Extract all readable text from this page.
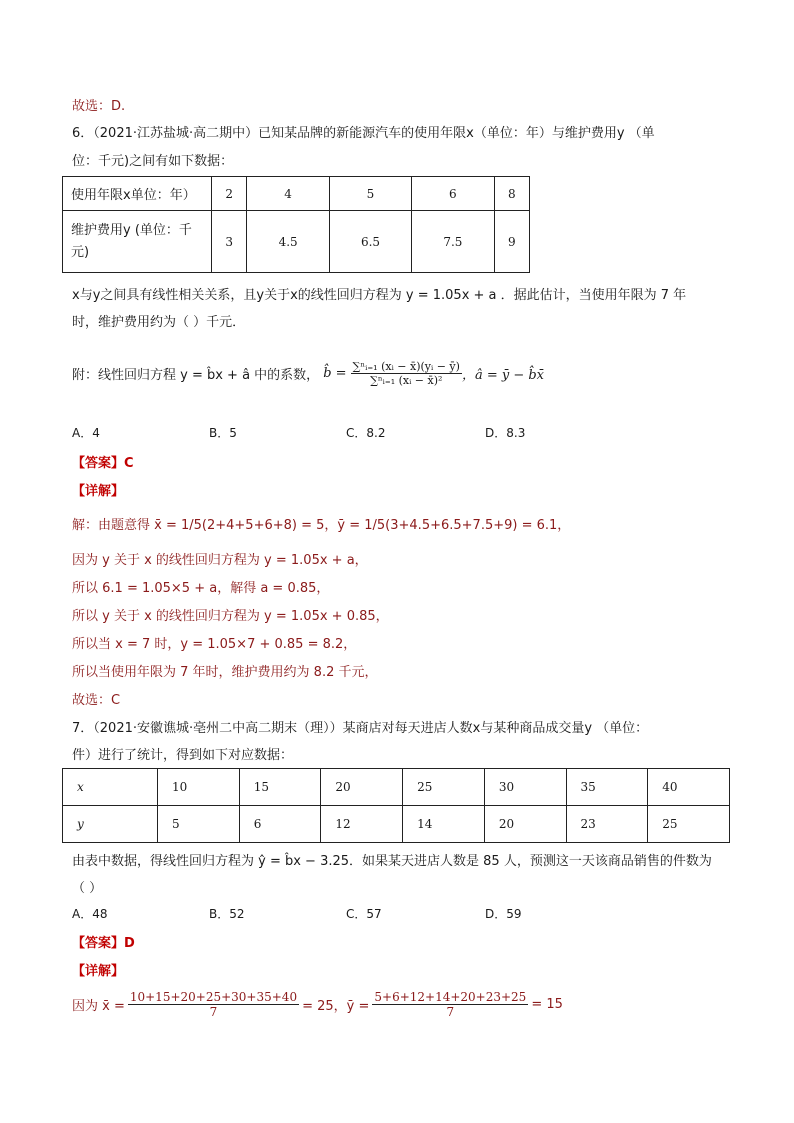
故选：D.
6．（2021·江苏盐城·高二期中）已知某品牌的新能源汽车的使用年限x（单位：年）与维护费用y （单
位：千元)之间有如下数据：
使用年限x单位：年）	2	4	5	6	8
维护费用y (单位：千
元)	3	4.5	6.5	7.5	9
x与y之间具有线性相关关系，且y关于x的线性回归方程为 y = 1.05x + a ．据此估计，当使用年限为 7 年
时，维护费用约为（ ）千元．
附：线性回归方程 y = b̂x + â 中的系数， b̂ = $\frac{\text{∑ⁿᵢ₌₁ (xᵢ − x̄)(yᵢ − ȳ)}}{\text{∑ⁿᵢ₌₁ (xᵢ − x̄)²}}$ ，â = ȳ − b̂x̄
A．4	B．5	C．8.2	D．8.3
【答案】C
【详解】
解：由题意得 x̄ = 1/5(2+4+5+6+8) = 5，ȳ = 1/5(3+4.5+6.5+7.5+9) = 6.1，
因为 y 关于 x 的线性回归方程为 y = 1.05x + a，
所以 6.1 = 1.05×5 + a，解得 a = 0.85，
所以 y 关于 x 的线性回归方程为 y = 1.05x + 0.85，
所以当 x = 7 时，y = 1.05×7 + 0.85 = 8.2，
所以当使用年限为 7 年时，维护费用约为 8.2 千元，
故选：C
7．（2021·安徽谯城·亳州二中高二期末（理））某商店对每天进店人数x与某种商品成交量y （单位：
件）进行了统计，得到如下对应数据：
x	10	15	20	25	30	35	40
y	5	6	12	14	20	23	25
由表中数据，得线性回归方程为 ŷ = b̂x − 3.25．如果某天进店人数是 85 人，预测这一天该商品销售的件数为
（ ）
A．48	B．52	C．57	D．59
【答案】D
【详解】
因为 x̄ = $\frac{10+15+20+25+30+35+40}{7} = 25$，ȳ = $\frac{5+6+12+14+20+23+25}{7} = 15$
